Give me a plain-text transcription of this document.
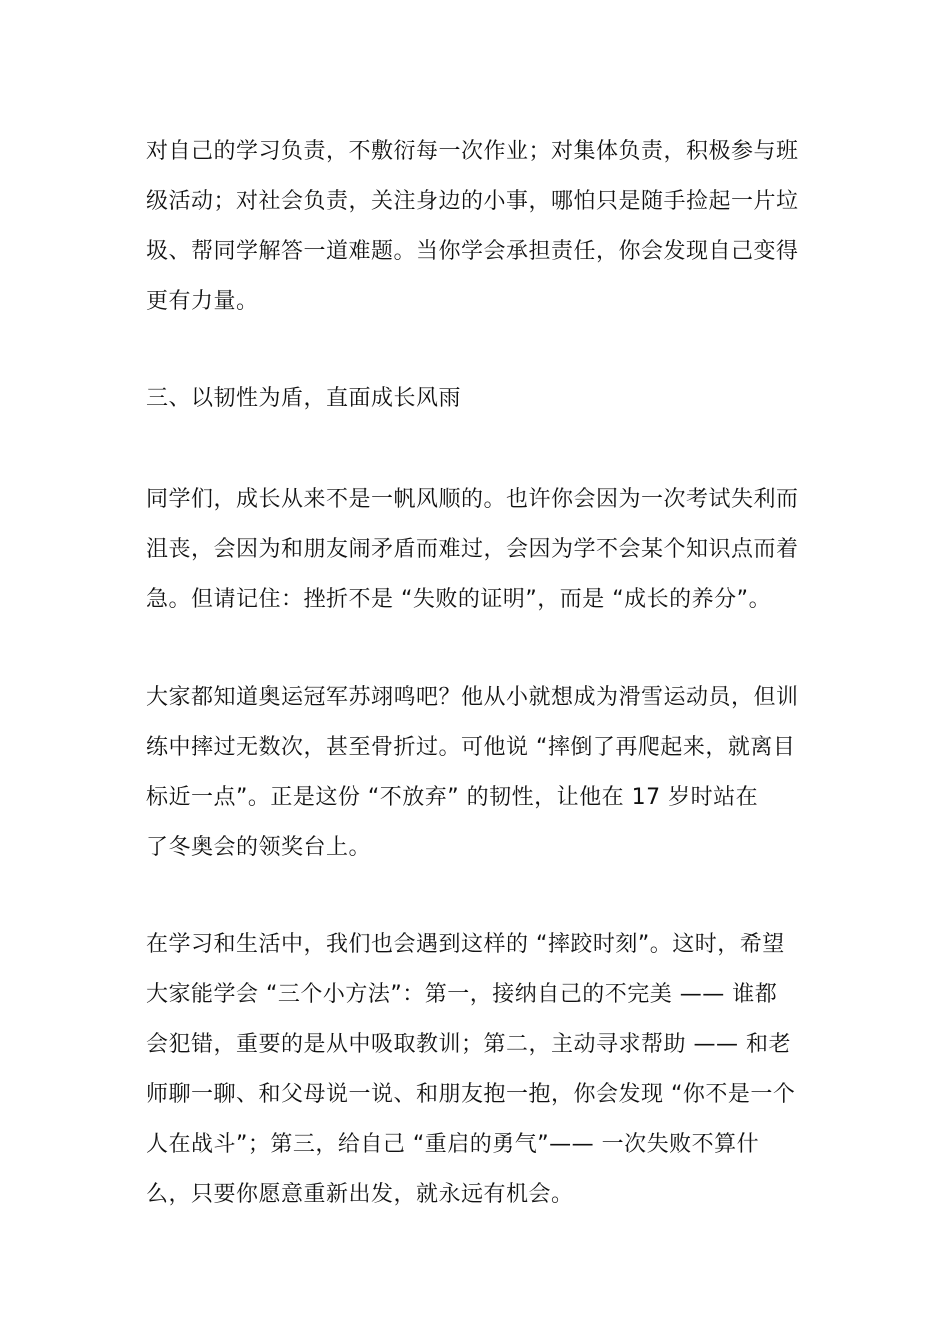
对自己的学习负责，不敷衍每一次作业；对集体负责，积极参与班
级活动；对社会负责，关注身边的小事，哪怕只是随手捡起一片垃
圾、帮同学解答一道难题。当你学会承担责任，你会发现自己变得
更有力量。
三、以韧性为盾，直面成长风雨
同学们，成长从来不是一帆风顺的。也许你会因为一次考试失利而
沮丧，会因为和朋友闹矛盾而难过，会因为学不会某个知识点而着
急。但请记住：挫折不是 “失败的证明”，而是 “成长的养分”。
大家都知道奥运冠军苏翊鸣吧？他从小就想成为滑雪运动员，但训
练中摔过无数次，甚至骨折过。可他说 “摔倒了再爬起来，就离目
标近一点”。正是这份 “不放弃” 的韧性，让他在 17 岁时站在
了冬奥会的领奖台上。
在学习和生活中，我们也会遇到这样的 “摔跤时刻”。这时，希望
大家能学会 “三个小方法”：第一，接纳自己的不完美 —— 谁都
会犯错，重要的是从中吸取教训；第二，主动寻求帮助 —— 和老
师聊一聊、和父母说一说、和朋友抱一抱，你会发现 “你不是一个
人在战斗”；第三，给自己 “重启的勇气”—— 一次失败不算什
么，只要你愿意重新出发，就永远有机会。
